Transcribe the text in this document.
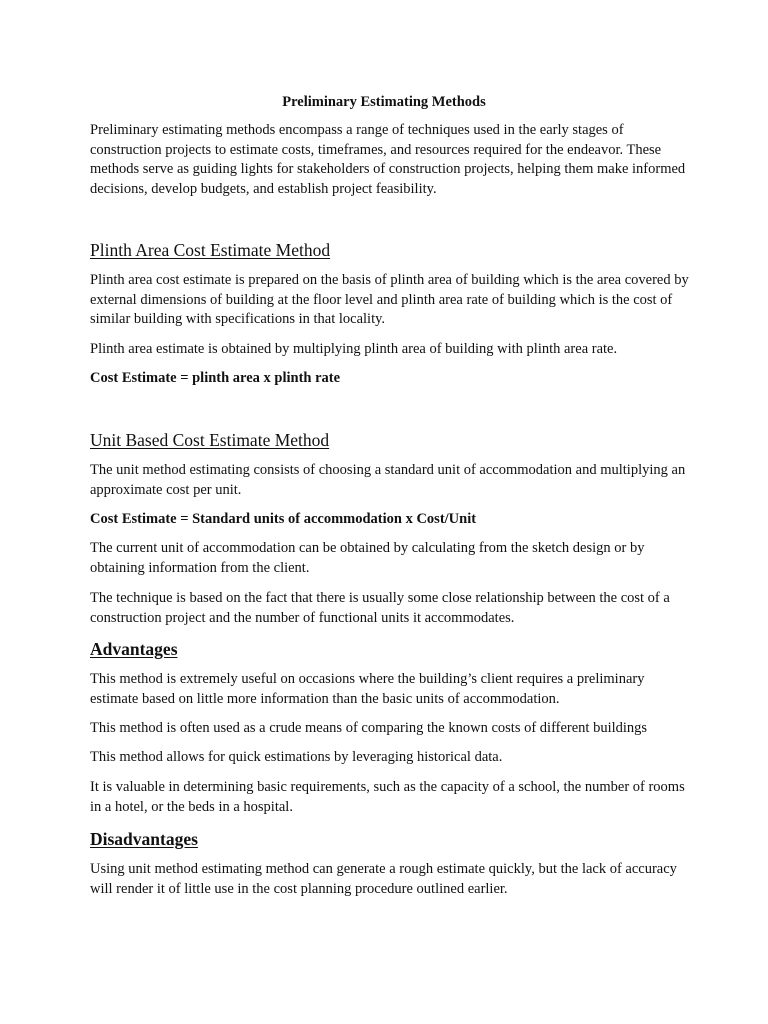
Preliminary Estimating Methods
Preliminary estimating methods encompass a range of techniques used in the early stages of construction projects to estimate costs, timeframes, and resources required for the endeavor. These methods serve as guiding lights for stakeholders of construction projects, helping them make informed decisions, develop budgets, and establish project feasibility.
Plinth Area Cost Estimate Method
Plinth area cost estimate is prepared on the basis of plinth area of building which is the area covered by external dimensions of building at the floor level and plinth area rate of building which is the cost of similar building with specifications in that locality.
Plinth area estimate is obtained by multiplying plinth area of building with plinth area rate.
Cost Estimate = plinth area x plinth rate
Unit Based Cost Estimate Method
The unit method estimating consists of choosing a standard unit of accommodation and multiplying an approximate cost per unit.
Cost Estimate = Standard units of accommodation x Cost/Unit
The current unit of accommodation can be obtained by calculating from the sketch design or by obtaining information from the client.
The technique is based on the fact that there is usually some close relationship between the cost of a construction project and the number of functional units it accommodates.
Advantages
This method is extremely useful on occasions where the building’s client requires a preliminary estimate based on little more information than the basic units of accommodation.
This method is often used as a crude means of comparing the known costs of different buildings
This method allows for quick estimations by leveraging historical data.
It is valuable in determining basic requirements, such as the capacity of a school, the number of rooms in a hotel, or the beds in a hospital.
Disadvantages
Using unit method estimating method can generate a rough estimate quickly, but the lack of accuracy will render it of little use in the cost planning procedure outlined earlier.
